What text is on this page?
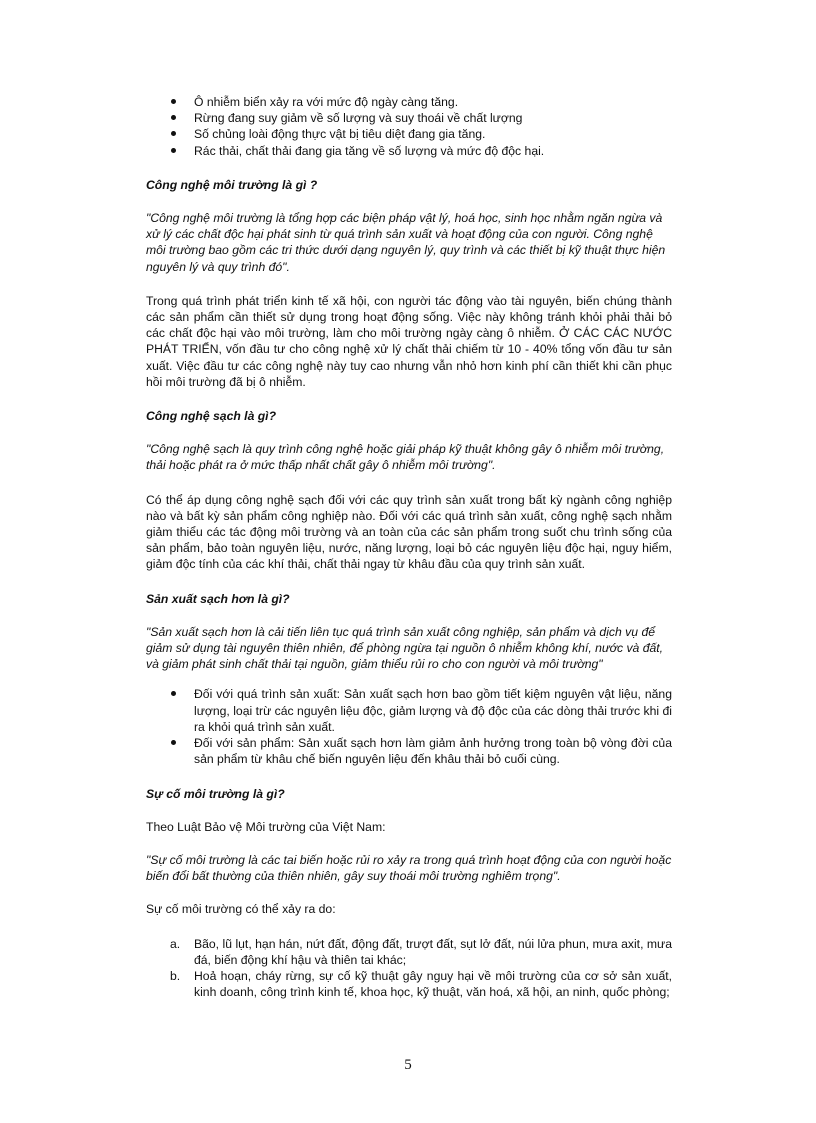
Ô nhiễm biển xảy ra với mức độ ngày càng tăng.
Rừng đang suy giảm về số lượng và suy thoái về chất lượng
Số chủng loài động thực vật bị tiêu diệt đang gia tăng.
Rác thải, chất thải đang gia tăng về số lượng và mức độ độc hại.

Công nghệ môi trường là gì ?

"Công nghệ môi trường là tổng hợp các biện pháp vật lý, hoá học, sinh học nhằm ngăn ngừa và xử lý các chất độc hại phát sinh từ quá trình sản xuất và hoạt động của con người. Công nghệ môi trường bao gồm các tri thức dưới dạng nguyên lý, quy trình và các thiết bị kỹ thuật thực hiện nguyên lý và quy trình đó".

Trong quá trình phát triển kinh tế xã hội, con người tác động vào tài nguyên, biến chúng thành các sản phẩm cần thiết sử dụng trong hoạt động sống. Việc này không tránh khỏi phải thải bỏ các chất độc hại vào môi trường, làm cho môi trường ngày càng ô nhiễm. Ở CÁC CÁC NƯỚC PHÁT TRIỂN, vốn đầu tư cho công nghệ xử lý chất thải chiếm từ 10 - 40% tổng vốn đầu tư sản xuất. Việc đầu tư các công nghệ này tuy cao nhưng vẫn nhỏ hơn kinh phí cần thiết khi cần phục hồi môi trường đã bị ô nhiễm.

Công nghệ sạch là gì?

"Công nghệ sạch là quy trình công nghệ hoặc giải pháp kỹ thuật không gây ô nhiễm môi trường, thải hoặc phát ra ở mức thấp nhất chất gây ô nhiễm môi trường".

Có thể áp dụng công nghệ sạch đối với các quy trình sản xuất trong bất kỳ ngành công nghiệp nào và bất kỳ sản phẩm công nghiệp nào. Đối với các quá trình sản xuất, công nghệ sạch nhằm giảm thiểu các tác động môi trường và an toàn của các sản phẩm trong suốt chu trình sống của sản phẩm, bảo toàn nguyên liệu, nước, năng lượng, loại bỏ các nguyên liệu độc hại, nguy hiểm, giảm độc tính của các khí thải, chất thải ngay từ khâu đầu của quy trình sản xuất.

Sản xuất sạch hơn là gì?

"Sản xuất sạch hơn là cải tiến liên tục quá trình sản xuất công nghiệp, sản phẩm và dịch vụ để giảm sử dụng tài nguyên thiên nhiên, để phòng ngừa tại nguồn ô nhiễm không khí, nước và đất, và giảm phát sinh chất thải tại nguồn, giảm thiểu rủi ro cho con người và môi trường"

Đối với quá trình sản xuất: Sản xuất sạch hơn bao gồm tiết kiệm nguyên vật liệu, năng lượng, loại trừ các nguyên liệu độc, giảm lượng và độ độc của các dòng thải trước khi đi ra khỏi quá trình sản xuất.
Đối với sản phẩm: Sản xuất sạch hơn làm giảm ảnh hưởng trong toàn bộ vòng đời của sản phẩm từ khâu chế biến nguyên liệu đến khâu thải bỏ cuối cùng.

Sự cố môi trường là gì?

Theo Luật Bảo vệ Môi trường của Việt Nam:

"Sự cố môi trường là các tai biến hoặc rủi ro xảy ra trong quá trình hoạt động của con người hoặc biến đổi bất thường của thiên nhiên, gây suy thoái môi trường nghiêm trọng".

Sự cố môi trường có thể xảy ra do:

a. Bão, lũ lụt, hạn hán, nứt đất, động đất, trượt đất, sụt lở đất, núi lửa phun, mưa axit, mưa đá, biến động khí hậu và thiên tai khác;
b. Hoả hoạn, cháy rừng, sự cố kỹ thuật gây nguy hại về môi trường của cơ sở sản xuất, kinh doanh, công trình kinh tế, khoa học, kỹ thuật, văn hoá, xã hội, an ninh, quốc phòng;
5
